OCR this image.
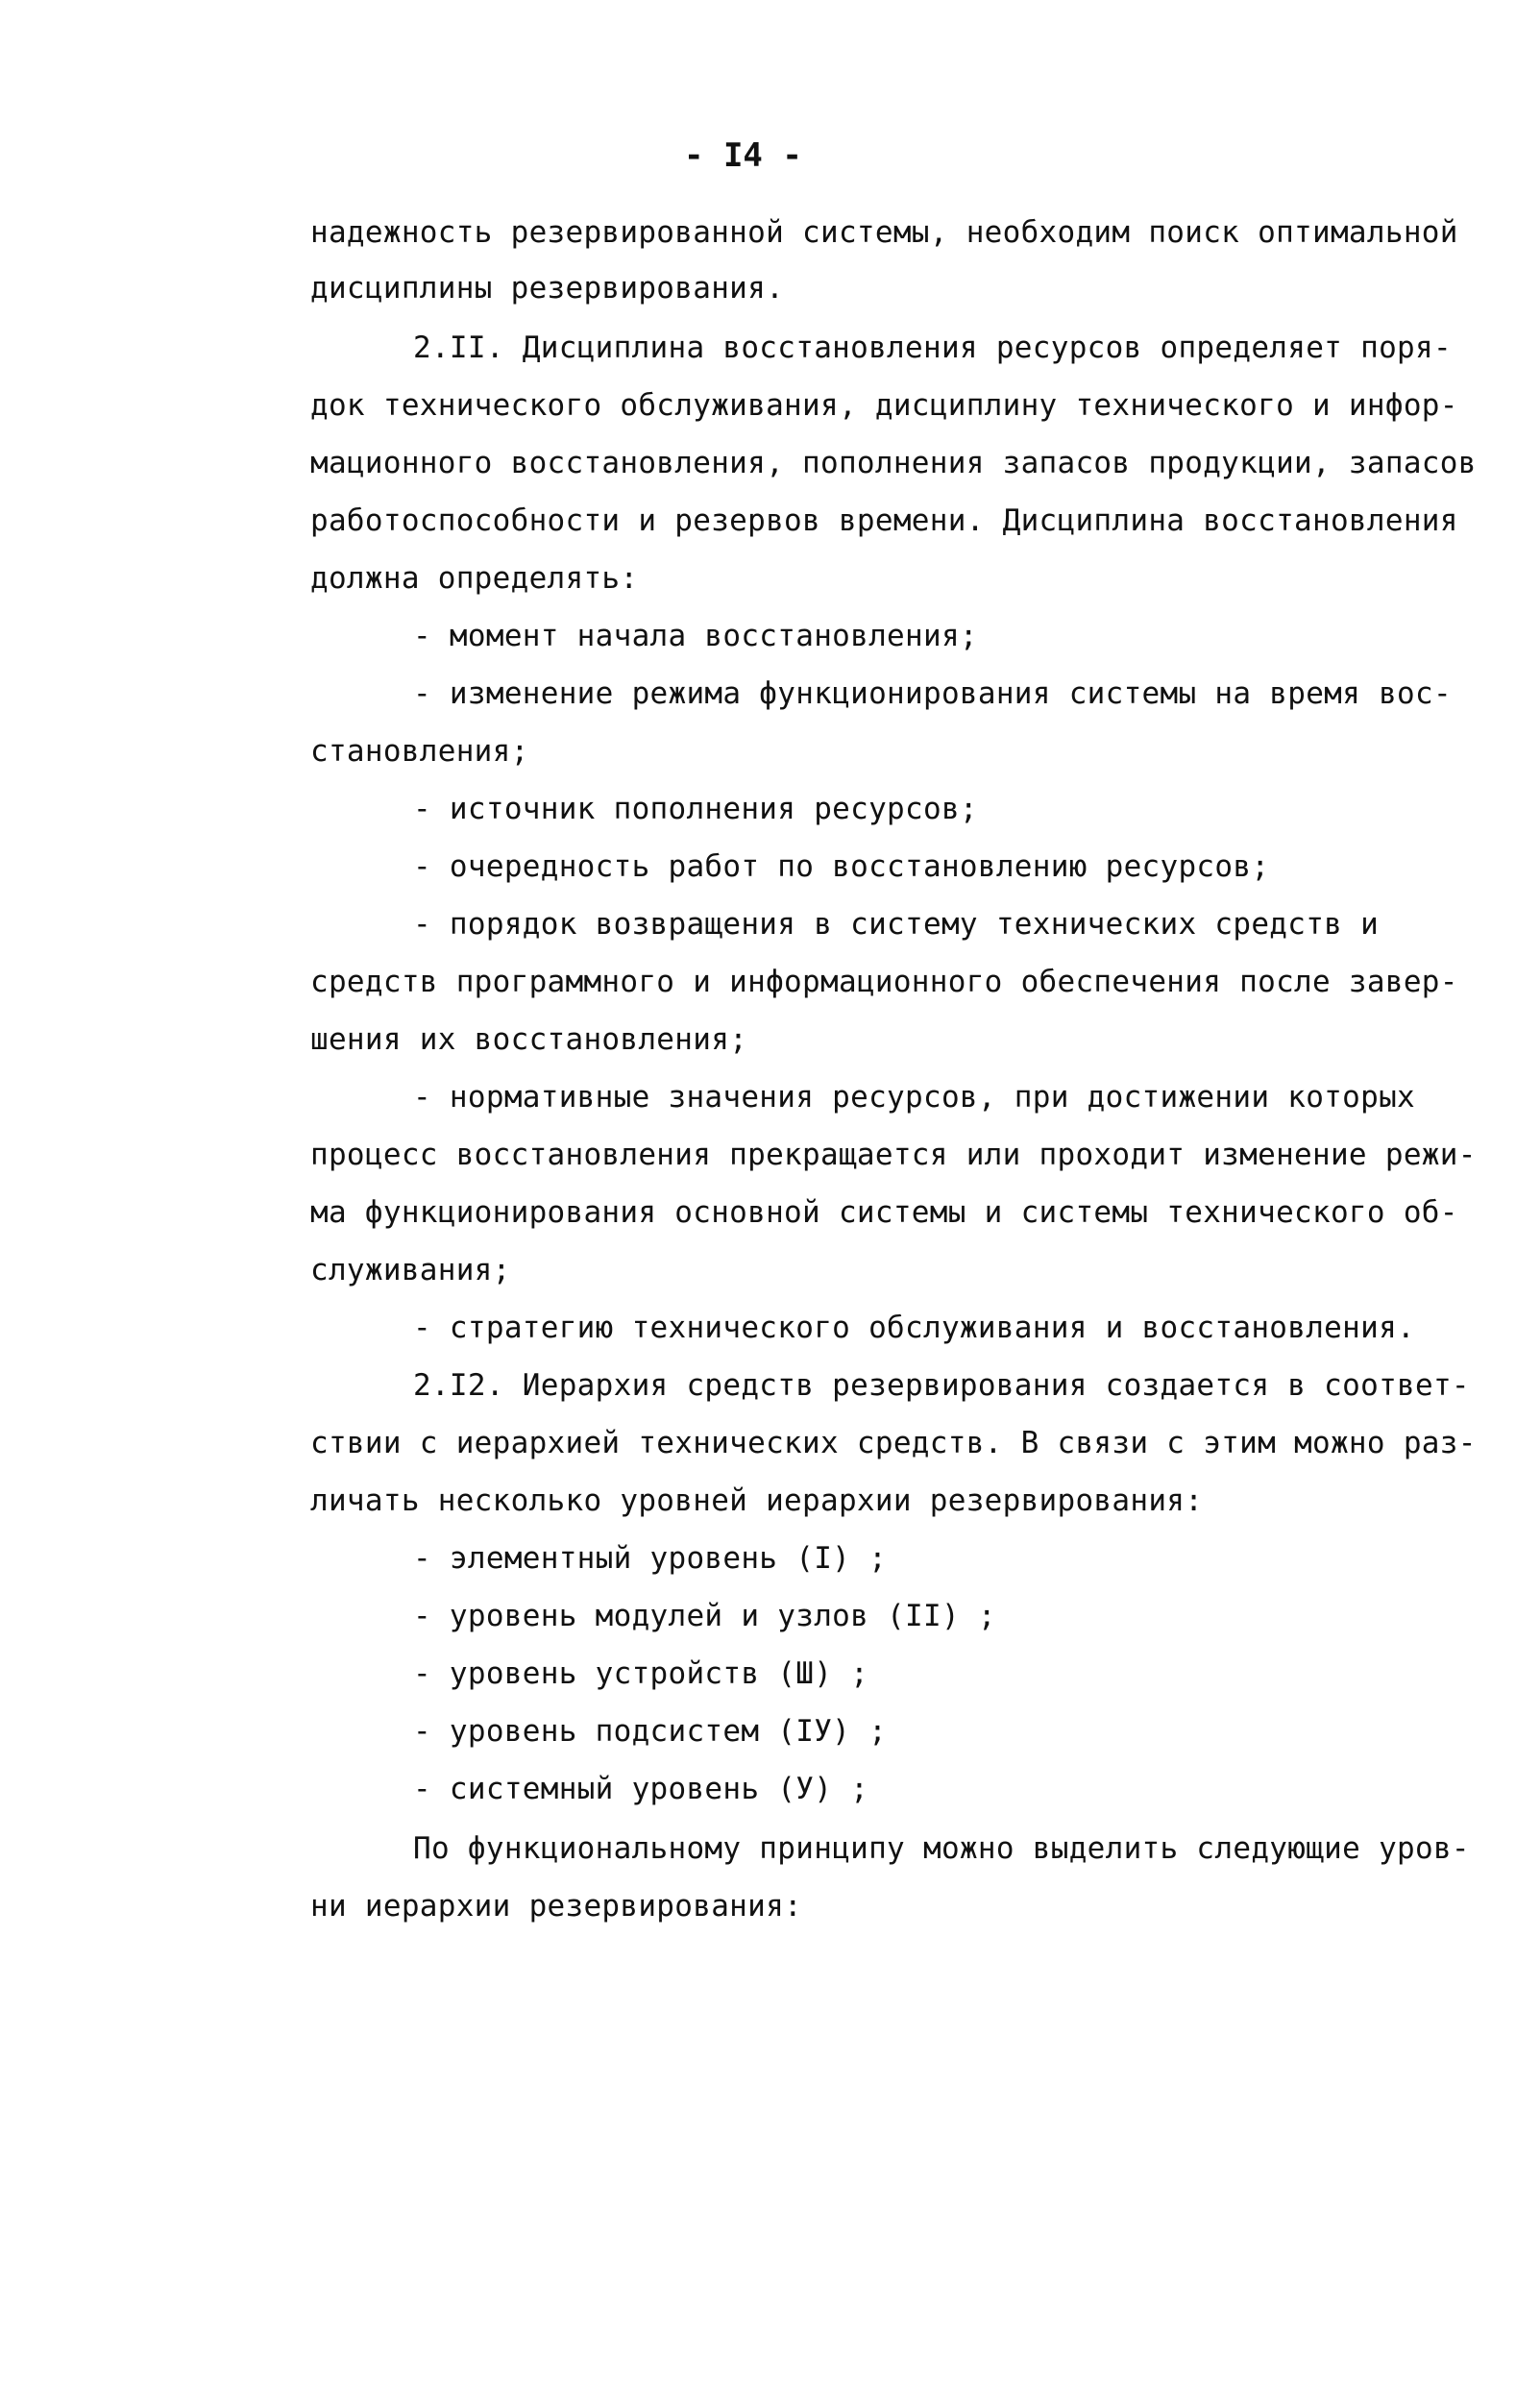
- I4 -
надежность резервированной системы, необходим поиск оптимальной
дисциплины резервирования.
2.II. Дисциплина восстановления ресурсов определяет поря-
док технического обслуживания, дисциплину технического и инфор-
мационного восстановления, пополнения запасов продукции, запасов
работоспособности и резервов времени. Дисциплина восстановления
должна определять:
- момент начала восстановления;
- изменение режима функционирования системы на время вос-
становления;
- источник пополнения ресурсов;
- очередность работ по восстановлению ресурсов;
- порядок возвращения в систему технических средств и
средств программного и информационного обеспечения после завер-
шения их восстановления;
- нормативные значения ресурсов, при достижении которых
процесс восстановления прекращается или проходит изменение режи-
ма функционирования основной системы и системы технического об-
служивания;
- стратегию технического обслуживания и восстановления.
2.I2. Иерархия средств резервирования создается в соответ-
ствии с иерархией технических средств. В связи с этим можно раз-
личать несколько уровней иерархии резервирования:
- элементный уровень (I) ;
- уровень модулей и узлов (II) ;
- уровень устройств (Ш) ;
- уровень подсистем (IУ) ;
- системный уровень (У) ;
По функциональному принципу можно выделить следующие уров-
ни иерархии резервирования:
